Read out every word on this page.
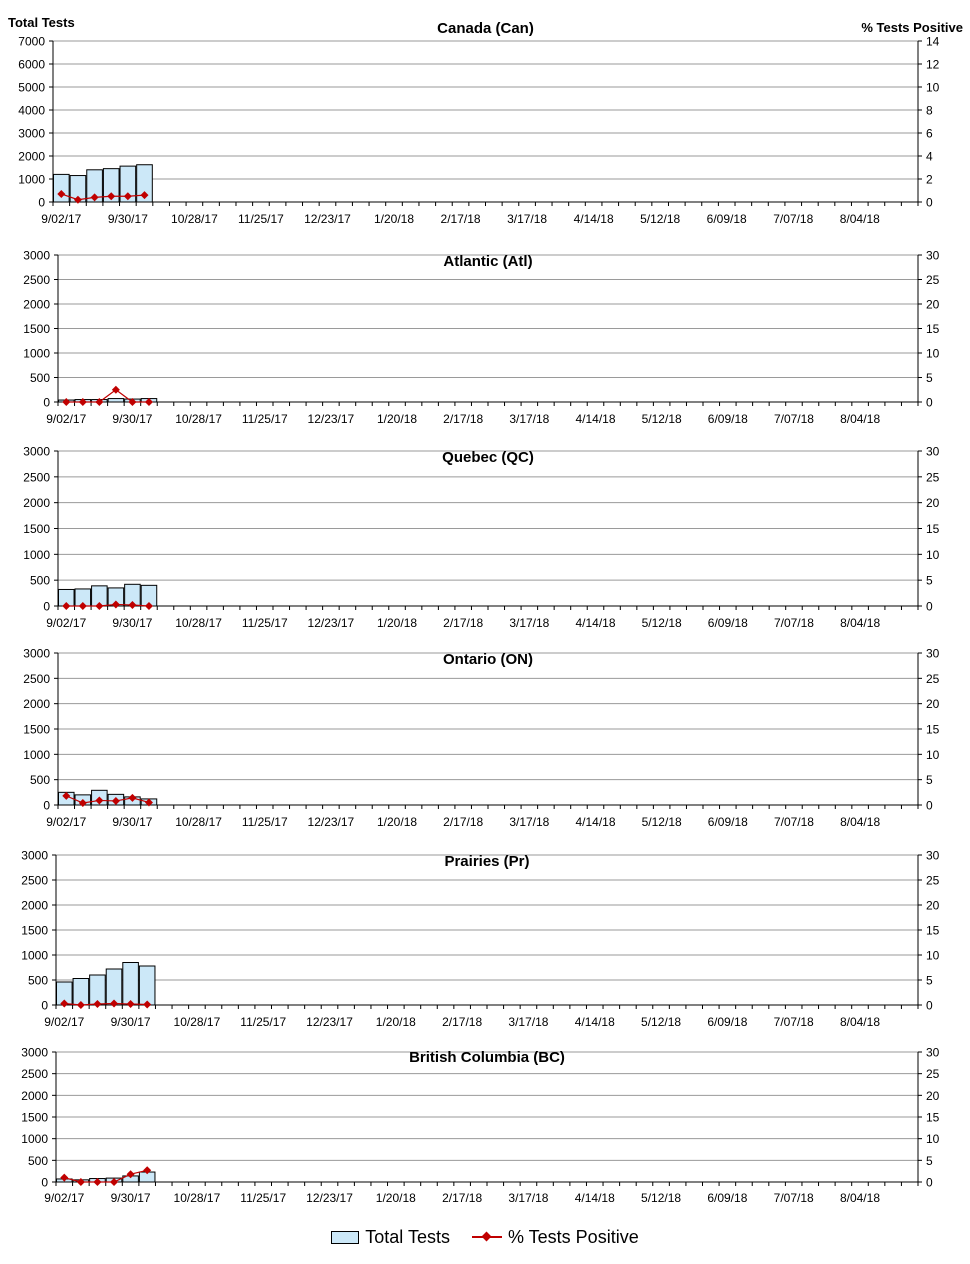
Total Tests	% Tests Positive
0
1000
2000
3000
4000
5000
6000
7000
0
2
4
6
8
10
12
14
9/02/17 9/30/17 10/28/17 11/25/17 12/23/17 1/20/18 2/17/18 3/17/18 4/14/18 5/12/18 6/09/18 7/07/18 8/04/18
Canada (Can)
0
500
1000
1500
2000
2500
3000
0
5
10
15
20
25
30
9/02/17 9/30/17 10/28/17 11/25/17 12/23/17 1/20/18 2/17/18 3/17/18 4/14/18 5/12/18 6/09/18 7/07/18 8/04/18
Atlantic (Atl)
0
500
1000
1500
2000
2500
3000
0
5
10
15
20
25
30
9/02/17 9/30/17 10/28/17 11/25/17 12/23/17 1/20/18 2/17/18 3/17/18 4/14/18 5/12/18 6/09/18 7/07/18 8/04/18
Quebec (QC)
0
500
1000
1500
2000
2500
3000
0
5
10
15
20
25
30
9/02/17 9/30/17 10/28/17 11/25/17 12/23/17 1/20/18 2/17/18 3/17/18 4/14/18 5/12/18 6/09/18 7/07/18 8/04/18
Ontario (ON)
0
500
1000
1500
2000
2500
3000
0
5
10
15
20
25
30
9/02/17 9/30/17 10/28/17 11/25/17 12/23/17 1/20/18 2/17/18 3/17/18 4/14/18 5/12/18 6/09/18 7/07/18 8/04/18
Prairies (Pr)
0
500
1000
1500
2000
2500
3000
0
5
10
15
20
25
30
9/02/17 9/30/17 10/28/17 11/25/17 12/23/17 1/20/18 2/17/18 3/17/18 4/14/18 5/12/18 6/09/18 7/07/18 8/04/18
British Columbia (BC)
Total Tests	% Tests Positive
